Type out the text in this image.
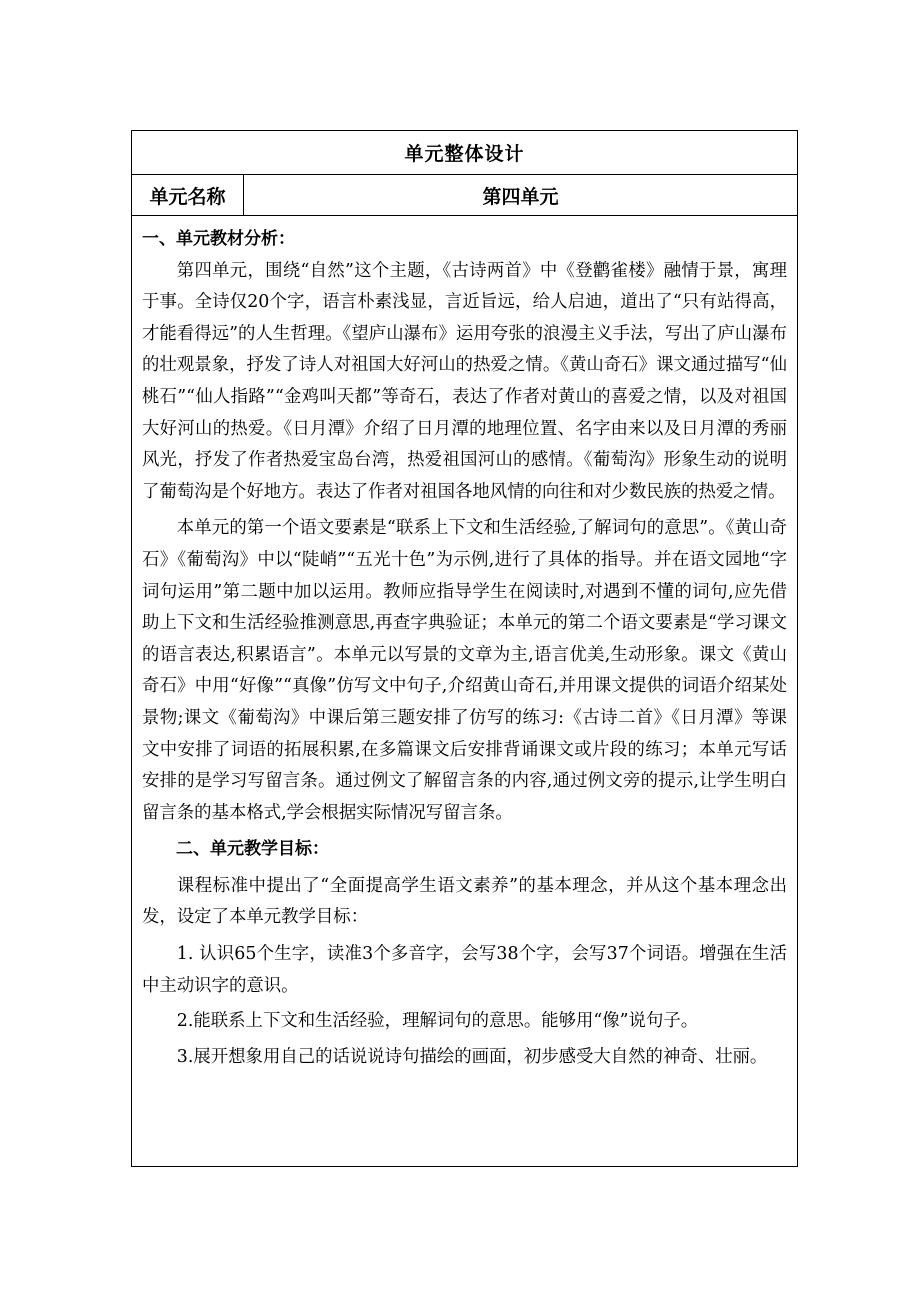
单元整体设计
单元名称	第四单元

一、单元教材分析：

第四单元，围绕“自然”这个主题，《古诗两首》中《登鹳雀楼》融情于景，寓理于事。全诗仅20个字，语言朴素浅显，言近旨远，给人启迪，道出了“只有站得高，才能看得远”的人生哲理。《望庐山瀑布》运用夸张的浪漫主义手法，写出了庐山瀑布的壮观景象，抒发了诗人对祖国大好河山的热爱之情。《黄山奇石》课文通过描写“仙桃石”“仙人指路”“金鸡叫天都”等奇石，表达了作者对黄山的喜爱之情，以及对祖国大好河山的热爱。《日月潭》介绍了日月潭的地理位置、名字由来以及日月潭的秀丽风光，抒发了作者热爱宝岛台湾，热爱祖国河山的感情。《葡萄沟》形象生动的说明了葡萄沟是个好地方。表达了作者对祖国各地风情的向往和对少数民族的热爱之情。

本单元的第一个语文要素是“联系上下文和生活经验,了解词句的意思”。《黄山奇石》《葡萄沟》中以“陡峭”“五光十色”为示例,进行了具体的指导。并在语文园地“字词句运用”第二题中加以运用。教师应指导学生在阅读时,对遇到不懂的词句,应先借助上下文和生活经验推测意思,再查字典验证；本单元的第二个语文要素是“学习课文的语言表达,积累语言”。本单元以写景的文章为主,语言优美,生动形象。课文《黄山奇石》中用“好像”“真像”仿写文中句子,介绍黄山奇石,并用课文提供的词语介绍某处景物;课文《葡萄沟》中课后第三题安排了仿写的练习:《古诗二首》《日月潭》等课文中安排了词语的拓展积累,在多篇课文后安排背诵课文或片段的练习；本单元写话安排的是学习写留言条。通过例文了解留言条的内容,通过例文旁的提示,让学生明白留言条的基本格式,学会根据实际情况写留言条。

二、单元教学目标：

课程标准中提出了“全面提高学生语文素养”的基本理念，并从这个基本理念出发，设定了本单元教学目标：

1. 认识65个生字，读准3个多音字，会写38个字，会写37个词语。增强在生活中主动识字的意识。

2.能联系上下文和生活经验，理解词句的意思。能够用“像”说句子。

3.展开想象用自己的话说说诗句描绘的画面，初步感受大自然的神奇、壮丽。
